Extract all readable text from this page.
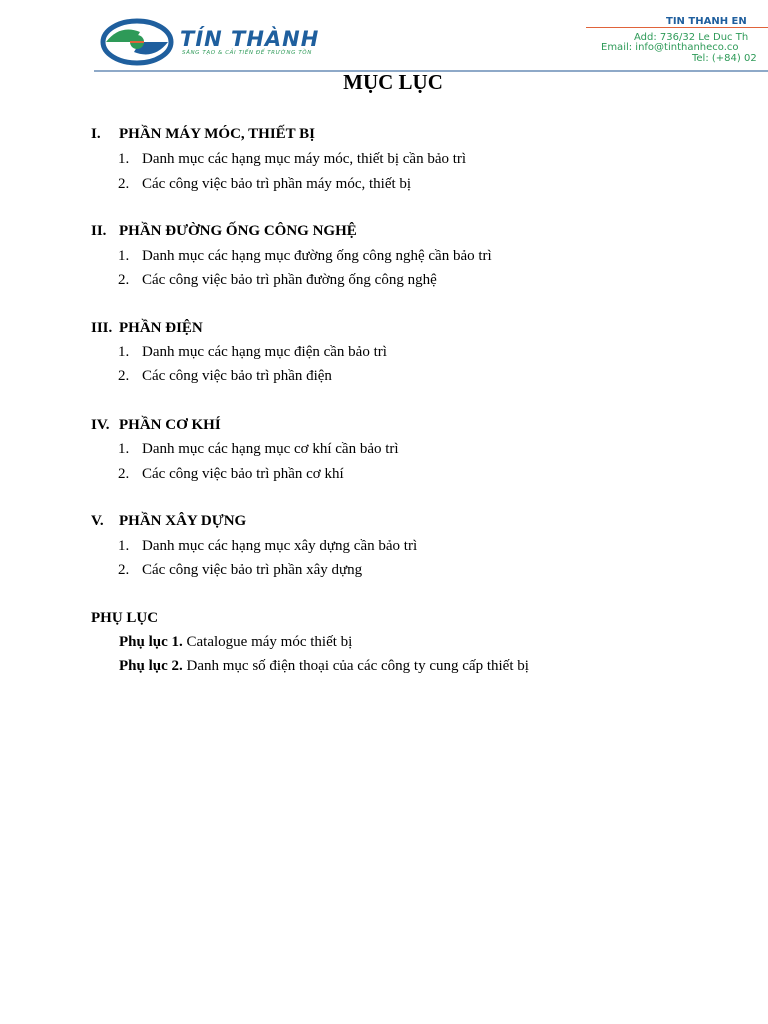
TÍN THÀNH
SÁNG TẠO & CẢI TIẾN ĐỂ TRƯỜNG TỒN
TIN THANH EN
Add: 736/32 Le Duc Th
Email: info@tinthanheco.co
Tel: (+84) 02
MỤC LỤC
I. PHẦN MÁY MÓC, THIẾT BỊ
1. Danh mục các hạng mục máy móc, thiết bị cần bảo trì
2. Các công việc bảo trì phần máy móc, thiết bị
II. PHẦN ĐƯỜNG ỐNG CÔNG NGHỆ
1. Danh mục các hạng mục đường ống công nghệ cần bảo trì
2. Các công việc bảo trì phần đường ống công nghệ
III. PHẦN ĐIỆN
1. Danh mục các hạng mục điện cần bảo trì
2. Các công việc bảo trì phần điện
IV. PHẦN CƠ KHÍ
1. Danh mục các hạng mục cơ khí cần bảo trì
2. Các công việc bảo trì phần cơ khí
V. PHẦN XÂY DỰNG
1. Danh mục các hạng mục xây dựng cần bảo trì
2. Các công việc bảo trì phần xây dựng
PHỤ LỤC
Phụ lục 1. Catalogue máy móc thiết bị
Phụ lục 2. Danh mục số điện thoại của các công ty cung cấp thiết bị
